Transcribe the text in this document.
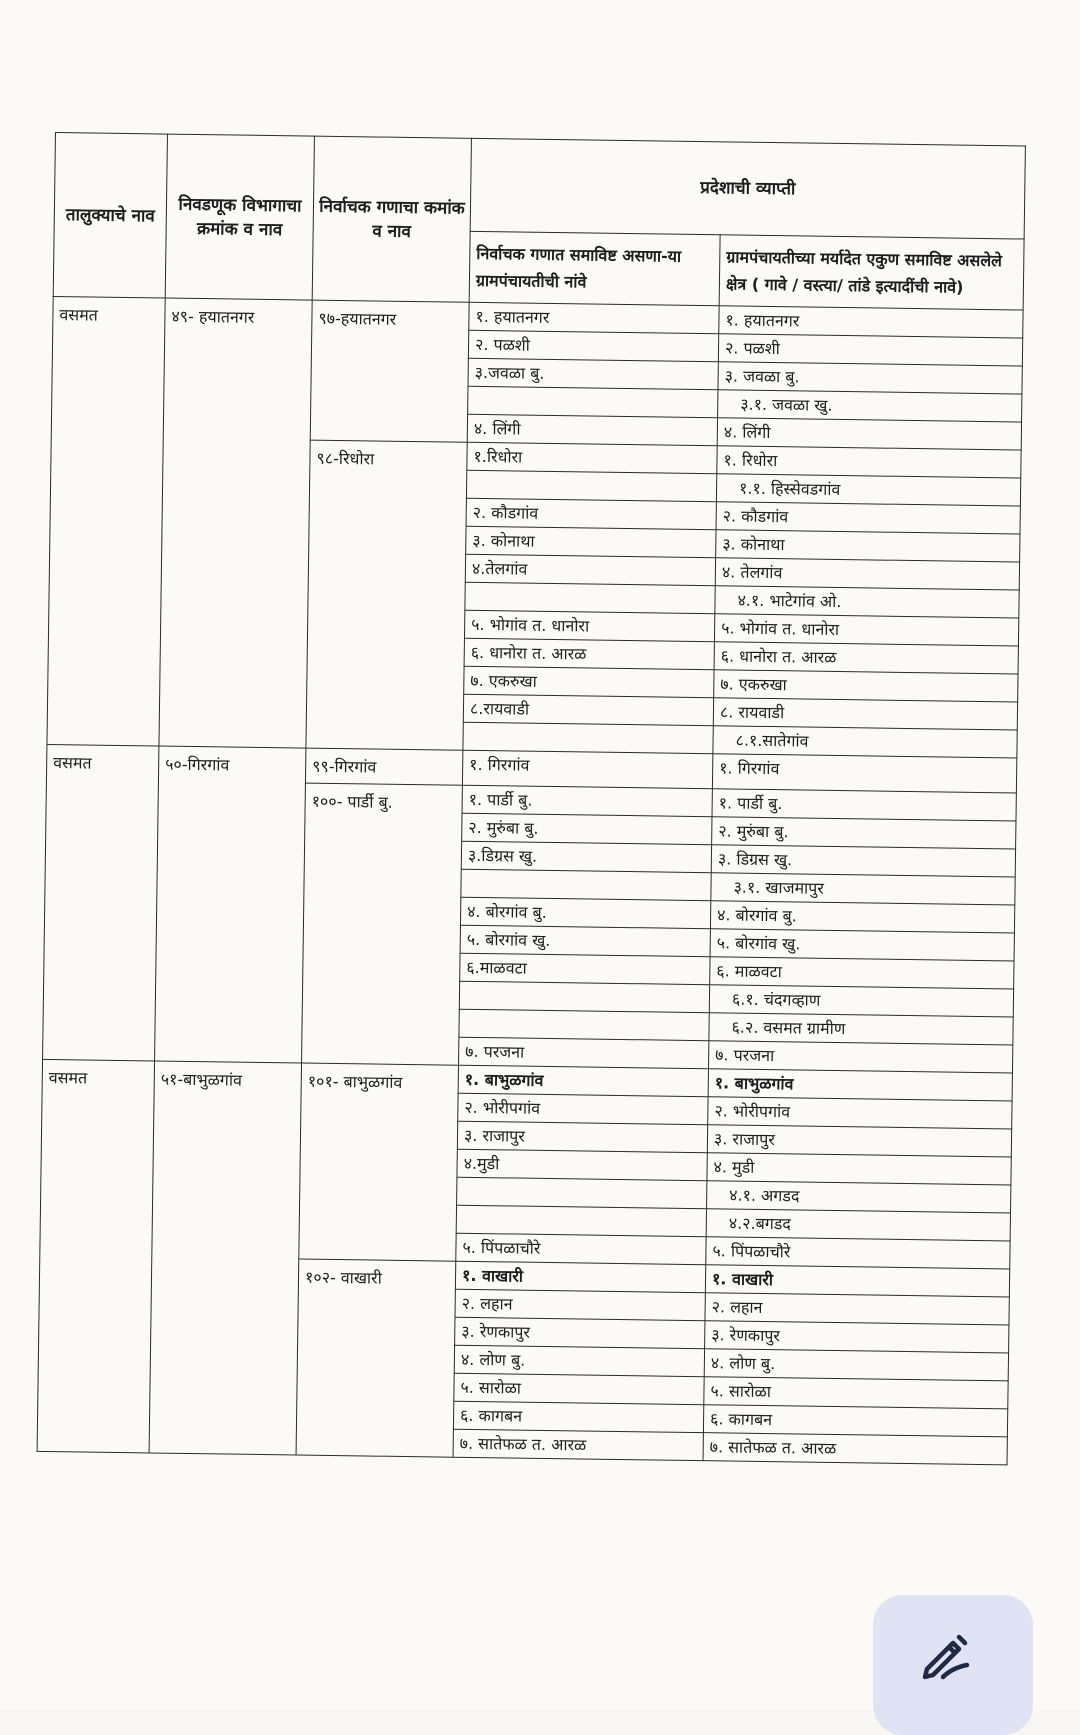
तालुक्याचे नाव	निवडणूक विभागाचा क्रमांक व नाव	निर्वाचक गणाचा कमांक व नाव	प्रदेशाची व्याप्ती	
			निर्वाचक गणात समाविष्ट असणा-या ग्रामपंचायतीची नांवे	ग्रामपंचायतीच्या मर्यादेत एकुण समाविष्ट असलेले क्षेत्र ( गावे / वस्त्या/ तांडे इत्यादींची नावे)
वसमत	४९- हयातनगर	९७-हयातनगर	१. हयातनगर	१. हयातनगर
			२. पळशी	२. पळशी
			३.जवळा बु.	३. जवळा बु.
				३.१. जवळा खु.
			४. लिंगी	४. लिंगी
		९८-रिधोरा	१.रिधोरा	१. रिधोरा
				१.१. हिस्सेवडगांव
			२. कौडगांव	२. कौडगांव
			३. कोनाथा	३. कोनाथा
			४.तेलगांव	४. तेलगांव
				४.१. भाटेगांव ओ.
			५. भोगांव त. धानोरा	५. भोगांव त. धानोरा
			६. धानोरा त. आरळ	६. धानोरा त. आरळ
			७. एकरुखा	७. एकरुखा
			८.रायवाडी	८. रायवाडी
				८.१.सातेगांव
वसमत	५०-गिरगांव	९९-गिरगांव	१. गिरगांव	१. गिरगांव
		१००- पार्डी बु.	१. पार्डी बु.	१. पार्डी बु.
			२. मुरुंबा बु.	२. मुरुंबा बु.
			३.डिग्रस खु.	३. डिग्रस खु.
				३.१. खाजमापुर
			४. बोरगांव बु.	४. बोरगांव बु.
			५. बोरगांव खु.	५. बोरगांव खु.
			६.माळवटा	६. माळवटा
				६.१. चंदगव्हाण
				६.२. वसमत ग्रामीण
			७. परजना	७. परजना
वसमत	५१-बाभुळगांव	१०१- बाभुळगांव	१. बाभुळगांव	१. बाभुळगांव
			२. भोरीपगांव	२. भोरीपगांव
			३. राजापुर	३. राजापुर
			४.मुडी	४. मुडी
				४.१. अगडद
				४.२.बगडद
			५. पिंपळाचौरे	५. पिंपळाचौरे
		१०२- वाखारी	१. वाखारी	१. वाखारी
			२. लहान	२. लहान
			३. रेणकापुर	३. रेणकापुर
			४. लोण बु.	४. लोण बु.
			५. सारोळा	५. सारोळा
			६. कागबन	६. कागबन
			७. सातेफळ त. आरळ	७. सातेफळ त. आरळ
